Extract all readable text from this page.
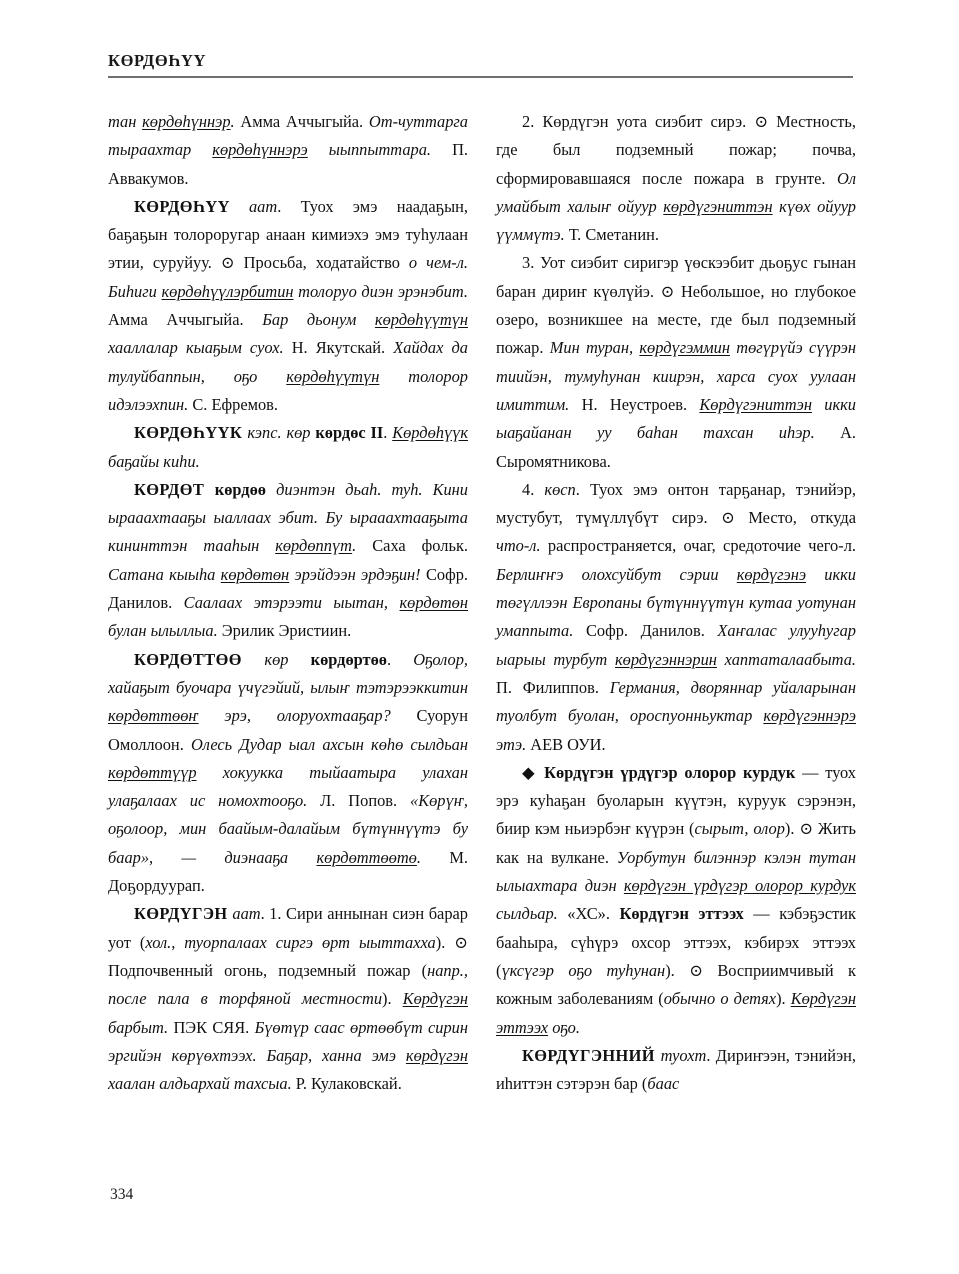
КӨРДӨҺYY

тан көрдөһүннэр. Амма Аччыгыйа. От‑чуттарга тыраахтар көрдөһүннэрэ ыыппыттара. П. Аввакумов.

КӨРДӨҺYY аат. Туох эмэ наадаҕын, баҕаҕын толороругар анаан кимиэхэ эмэ туһулаан этии, суруйуу. ⊙ Просьба, ходатайство о чем‑л. Биһиги көрдөһүүлэрбитин толоруо диэн эрэнэбит. Амма Аччыгыйа. Бар дьонум көрдөһүүтүн хааллалар кыаҕым суох. Н. Якутскай. Хайдах да тулуйбаппын, оҕо көрдөһүүтүн толорор идэлээхпин. С. Ефремов.

КӨРДӨҺYYК кэпс. көр көрдөс II. Көрдөһүүк баҕайы киһи.

КӨРДӨТ көрдөө диэнтэн дьаһ. туһ. Кини ырааахтааҕы ыаллаах эбит. Бу ырааахтааҕыта кининттэн тааһын көрдөппүт. Саха фольк. Сатана кыыһа көрдөтөн эрэйдээн эрдэҕин! Софр. Данилов. Саалаах этэрээти ыытан, көрдөтөн булан ылыллыа. Эрилик Эристиин.

КӨРДӨТТӨӨ көр көрдөртөө. Оҕолор, хайаҕыт буочара үчүгэйий, ылыҥ тэтэрээккитин көрдөттөөҥ эрэ, олоруохтааҕар? Суорун Омоллоон. Олесь Дудар ыал ахсын көһө сылдьан көрдөттүүр хокуукка тыйаатыра улахан улаҕалаах ис номохтооҕо. Л. Попов. «Көрүҥ, оҕолоор, мин баайым‑далайым бүтүннүүтэ бу баар», — диэнааҕа көрдөттөөтө. М. Доҕордуурап.

КӨРДҮГЭН аат. 1. Сири аннынан сиэн барар уот (хол., туорпалаах сиргэ өрт ыыттахха). ⊙ Подпочвенный огонь, подземный пожар (напр., после пала в торфяной местности). Көрдүгэн барбыт. ПЭК СЯЯ. Бүөтүр саас өртөөбүт сирин эргийэн көрүөхтээх. Баҕар, ханна эмэ көрдүгэн хаалан алдьархай тахсыа. Р. Кулаковскай.

2. Көрдүгэн уота сиэбит сирэ. ⊙ Местность, где был подземный пожар; почва, сформировавшаяся после пожара в грунте. Ол умайбыт халыҥ ойуур көрдүгэниттэн күөх ойуур үүммүтэ. Т. Сметанин.

3. Уот сиэбит сиригэр үөскээбит дьоҕус гынан баран дириҥ күөлүйэ. ⊙ Небольшое, но глубокое озеро, возникшее на месте, где был подземный пожар. Мин туран, көрдүгэммин төгүрүйэ сүүрэн тиийэн, тумуһунан киирэн, харса суох уулаан имиттим. Н. Неустроев. Көрдүгэниттэн икки ыаҕайанан уу баһан тахсан иһэр. А. Сыромятникова.

4. көсп. Туох эмэ онтон тарҕанар, тэнийэр, мустубут, түмүллүбүт сирэ. ⊙ Место, откуда что‑л. распространяется, очаг, средоточие чего‑л. Берлиҥҥэ олохсуйбут сэрии көрдүгэнэ икки төгүллээн Европаны бүтүннүүтүн кутаа уотунан умаппыта. Софр. Данилов. Хаҥалас улууһугар ыарыы турбут көрдүгэннэрин хаптаталаабыта. П. Филиппов. Германия, дворяннар уйаларынан туолбут буолан, ороспуонньуктар көрдүгэннэрэ этэ. АЕВ ОУИ.

◆ Көрдүгэн үрдүгэр олорор курдук — туох эрэ куһаҕан буоларын күүтэн, куруук сэрэнэн, биир кэм ньиэрбэҥ күүрэн (сырыт, олор). ⊙ Жить как на вулкане. Уорбутун билэннэр кэлэн тутан ылыахтара диэн көрдүгэн үрдүгэр олорор курдук сылдьар. «ХС». Көрдүгэн эттээх — кэбэҕэстик бааһыра, сүһүрэ охсор эттээх, кэбирэх эттээх (үксүгэр оҕо туһунан). ⊙ Восприимчивый к кожным заболеваниям (обычно о детях). Көрдүгэн эттээх оҕо.

КӨРДҮГЭННИЙ туохт. Дириҥээн, тэнийэн, иһиттэн сэтэрэн бар (баас

334
